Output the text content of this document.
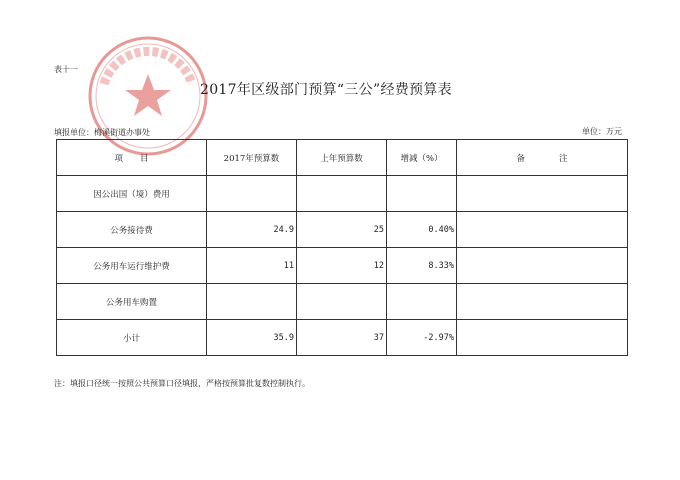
表十一
2017年区级部门预算“三公”经费预算表
填报单位：梅溪街道办事处	单位：万元
项　　目	2017年预算数	上年预算数	增减（%）	备　　　　注
因公出国（境）费用				
公务接待费	24.9	25	0.40%	
公务用车运行维护费	11	12	8.33%	
公务用车购置				
小计	35.9	37	-2.97%	
注：填报口径统一按照公共预算口径填报，严格按预算批复数控制执行。
